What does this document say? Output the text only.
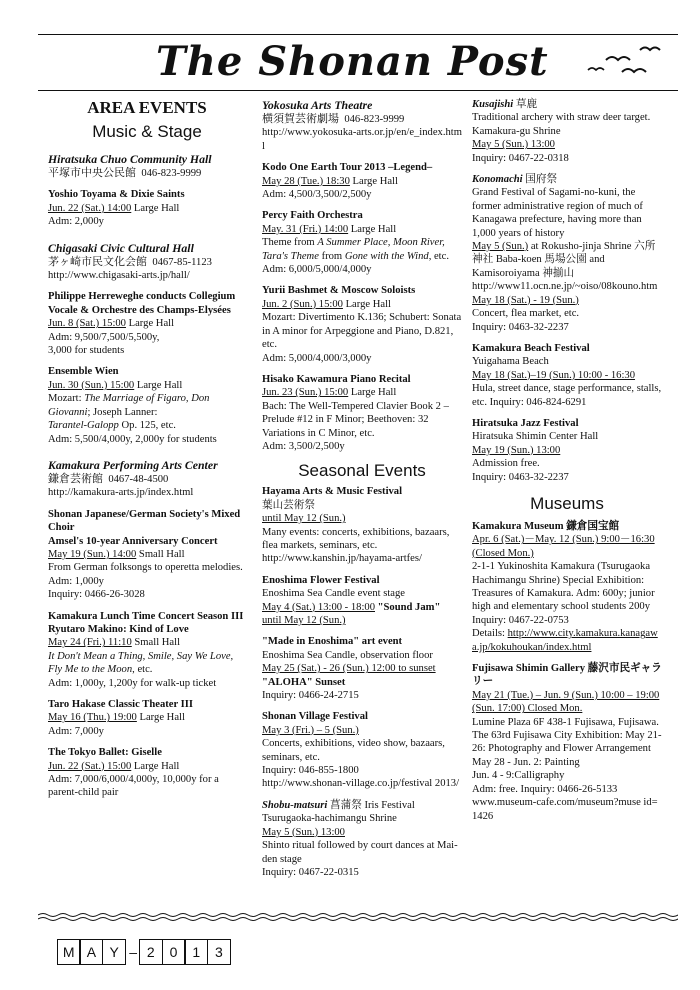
The Shonan Post
AREA EVENTS
Music & Stage
Hiratsuka Chuo Community Hall
平塚市中央公民館 046-823-9999
Yoshio Toyama & Dixie Saints
Jun. 22 (Sat.) 14:00 Large Hall
Adm: 2,000y
Chigasaki Civic Cultural Hall
茅ヶ崎市民文化会館 0467-85-1123
http://www.chigasaki-arts.jp/hall/
Philippe Herreweghe conducts Collegium Vocale & Orchestre des Champs-Elysées
Jun. 8 (Sat.) 15:00 Large Hall
Adm: 9,500/7,500/5,500y,
3,000 for students
Ensemble Wien
Jun. 30 (Sun.) 15:00 Large Hall
Mozart: The Marriage of Figaro, Don Giovanni; Joseph Lanner:
Tarantel-Galopp Op. 125, etc.
Adm: 5,500/4,000y, 2,000y for students
Kamakura Performing Arts Center
鎌倉芸術館 0467-48-4500
http://kamakura-arts.jp/index.html
Shonan Japanese/German Society's Mixed Choir
Amsel's 10-year Anniversary Concert
May 19 (Sun.) 14:00 Small Hall
From German folksongs to operetta melodies. Adm: 1,000y
Inquiry: 0466-26-3028
Kamakura Lunch Time Concert Season III
Ryutaro Makino: Kind of Love
May 24 (Fri.) 11:10 Small Hall
It Don't Mean a Thing, Smile, Say We Love, Fly Me to the Moon, etc.
Adm: 1,000y, 1,200y for walk-up ticket
Taro Hakase Classic Theater III
May 16 (Thu.) 19:00 Large Hall
Adm: 7,000y
The Tokyo Ballet: Giselle
Jun. 22 (Sat.) 15:00 Large Hall
Adm: 7,000/6,000/4,000y, 10,000y for a parent-child pair
Yokosuka Arts Theatre
横須賀芸術劇場 046-823-9999
http://www.yokosuka-arts.or.jp/en/e_index.html
Kodo One Earth Tour 2013 –Legend–
May 28 (Tue.) 18:30 Large Hall
Adm: 4,500/3,500/2,500y
Percy Faith Orchestra
May. 31 (Fri.) 14:00 Large Hall
Theme from A Summer Place, Moon River, Tara's Theme from Gone with the Wind, etc. Adm: 6,000/5,000/4,000y
Yurii Bashmet & Moscow Soloists
Jun. 2 (Sun.) 15:00 Large Hall
Mozart: Divertimento K.136; Schubert: Sonata in A minor for Arpeggione and Piano, D.821, etc.
Adm: 5,000/4,000/3,000y
Hisako Kawamura Piano Recital
Jun. 23 (Sun.) 15:00 Large Hall
Bach: The Well-Tempered Clavier Book 2 – Prelude #12 in F Minor; Beethoven: 32 Variations in C Minor, etc.
Adm: 3,500/2,500y
Seasonal Events
Hayama Arts & Music Festival
葉山芸術祭
until May 12 (Sun.)
Many events: concerts, exhibitions, bazaars, flea markets, seminars, etc.
http://www.kanshin.jp/hayama-artfes/
Enoshima Flower Festival
Enoshima Sea Candle event stage
May 4 (Sat.) 13:00 - 18:00 "Sound Jam"
until May 12 (Sun.)
"Made in Enoshima" art event
Enoshima Sea Candle, observation floor
May 25 (Sat.) - 26 (Sun.) 12:00 to sunset
"ALOHA" Sunset
Inquiry: 0466-24-2715
Shonan Village Festival
May 3 (Fri.) – 5 (Sun.)
Concerts, exhibitions, video show, bazaars, seminars, etc.
Inquiry: 046-855-1800
http://www.shonan-village.co.jp/festival 2013/
Shobu-matsuri 菖蒲祭 Iris Festival
Tsurugaoka-hachimangu Shrine
May 5 (Sun.) 13:00
Shinto ritual followed by court dances at Mai-den stage
Inquiry: 0467-22-0315
Kusajishi 草鹿
Traditional archery with straw deer target. Kamakura-gu Shrine
May 5 (Sun.) 13:00
Inquiry: 0467-22-0318
Konomachi 国府祭
Grand Festival of Sagami-no-kuni, the former administrative region of much of Kanagawa prefecture, having more than 1,000 years of history
May 5 (Sun.) at Rokusho-jinja Shrine 六所神社 Baba-koen 馬場公園 and Kamisoroiyama 神揃山
http://www11.ocn.ne.jp/~oiso/08kouno.htm
May 18 (Sat.) - 19 (Sun.)
Concert, flea market, etc.
Inquiry: 0463-32-2237
Kamakura Beach Festival
Yuigahama Beach
May 18 (Sat.)–19 (Sun.) 10:00 - 16:30
Hula, street dance, stage performance, stalls, etc. Inquiry: 046-824-6291
Hiratsuka Jazz Festival
Hiratsuka Shimin Center Hall
May 19 (Sun.) 13:00
Admission free.
Inquiry: 0463-32-2237
Museums
Kamakura Museum 鎌倉国宝館
Apr. 6 (Sat.)－May. 12 (Sun.) 9:00－16:30 (Closed Mon.)
2-1-1 Yukinoshita Kamakura (Tsurugaoka Hachimangu Shrine) Special Exhibition: Treasures of Kamakura. Adm: 600y; junior high and elementary school students 200y
Inquiry: 0467-22-0753
Details: http://www.city.kamakura.kanagawa.jp/kokuhoukan/index.html
Fujisawa Shimin Gallery 藤沢市民ギャラリー
May 21 (Tue.) – Jun. 9 (Sun.) 10:00 – 19:00 (Sun. 17:00) Closed Mon.
Lumine Plaza 6F 438-1 Fujisawa, Fujisawa. The 63rd Fujisawa City Exhibition: May 21-26: Photography and Flower Arrangement
May 28 - Jun. 2: Painting
Jun. 4 - 9:Calligraphy
Adm: free. Inquiry: 0466-26-5133
www.museum-cafe.com/museum?muse id=1426
M A Y – 2	0	1	3
